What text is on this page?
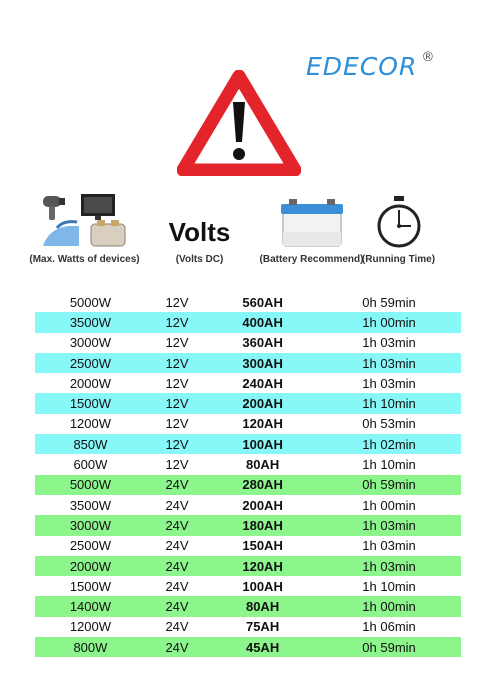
EDECOR ®
(Max. Watts of devices)
Volts
(Volts DC)	(Battery Recommend)
(Running Time)
5000W	12V	560AH	0h 59min
3500W	12V	400AH	1h 00min
3000W	12V	360AH	1h 03min
2500W	12V	300AH	1h 03min
2000W	12V	240AH	1h 03min
1500W	12V	200AH	1h 10min
1200W	12V	120AH	0h 53min
850W	12V	100AH	1h 02min
600W	12V	80AH	1h 10min
5000W	24V	280AH	0h 59min
3500W	24V	200AH	1h 00min
3000W	24V	180AH	1h 03min
2500W	24V	150AH	1h 03min
2000W	24V	120AH	1h 03min
1500W	24V	100AH	1h 10min
1400W	24V	80AH	1h 00min
1200W	24V	75AH	1h 06min
800W	24V	45AH	0h 59min
